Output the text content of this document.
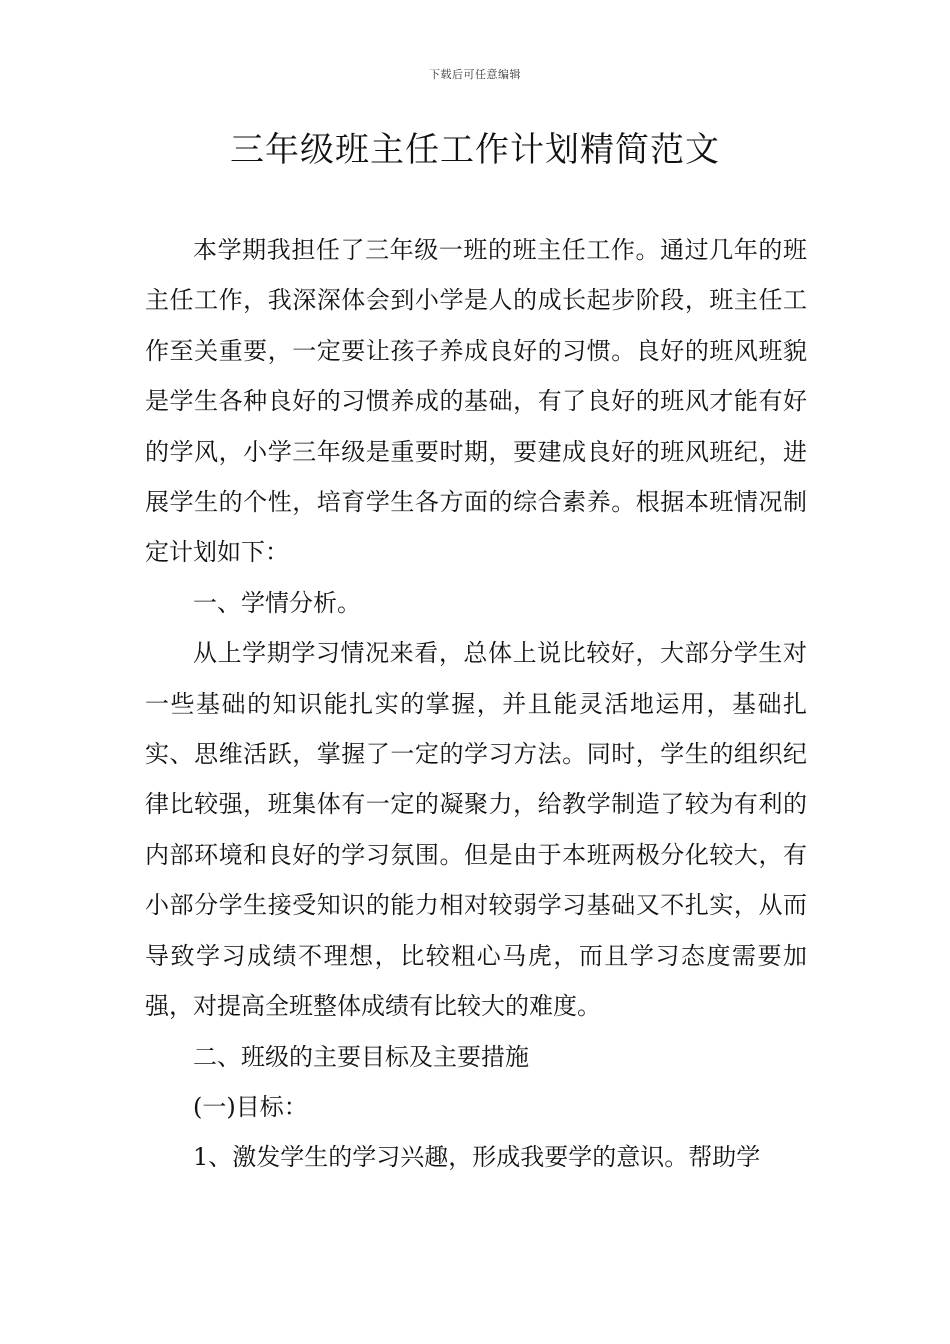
下载后可任意编辑
三年级班主任工作计划精简范文

本学期我担任了三年级一班的班主任工作。通过几年的班主任工作，我深深体会到小学是人的成长起步阶段，班主任工作至关重要，一定要让孩子养成良好的习惯。良好的班风班貌是学生各种良好的习惯养成的基础，有了良好的班风才能有好的学风，小学三年级是重要时期，要建成良好的班风班纪，进展学生的个性，培育学生各方面的综合素养。根据本班情况制定计划如下：

一、学情分析。

从上学期学习情况来看，总体上说比较好，大部分学生对一些基础的知识能扎实的掌握，并且能灵活地运用，基础扎实、思维活跃，掌握了一定的学习方法。同时，学生的组织纪律比较强，班集体有一定的凝聚力，给教学制造了较为有利的内部环境和良好的学习氛围。但是由于本班两极分化较大，有小部分学生接受知识的能力相对较弱学习基础又不扎实，从而导致学习成绩不理想，比较粗心马虎，而且学习态度需要加强，对提高全班整体成绩有比较大的难度。

二、班级的主要目标及主要措施

(一)目标：

1、激发学生的学习兴趣，形成我要学的意识。帮助学
